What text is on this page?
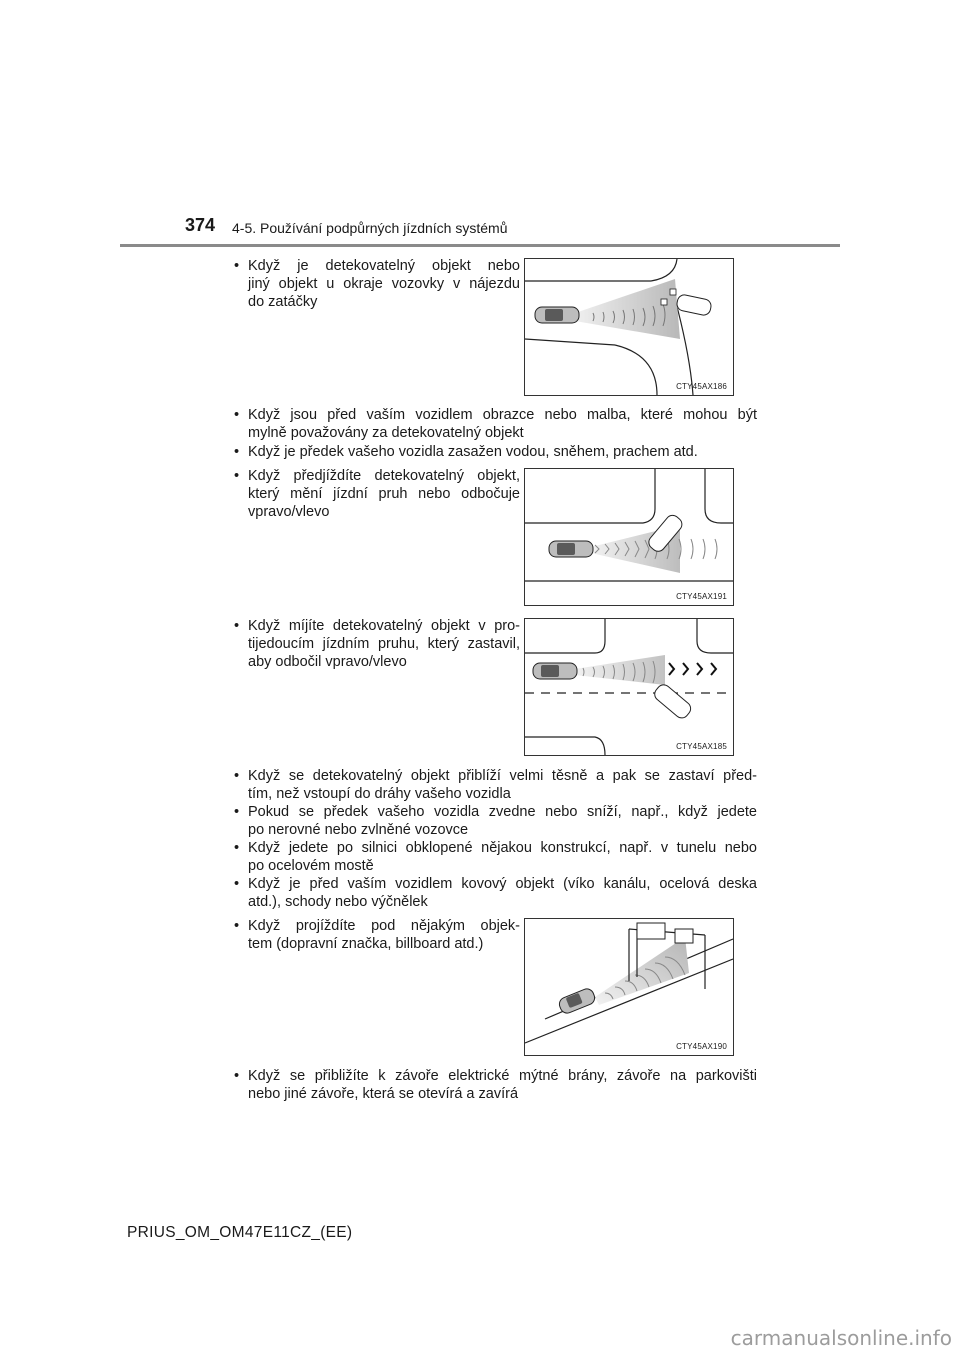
374 4-5. Používání podpůrných jízdních systémů
• Když je detekovatelný objekt nebo
jiný objekt u okraje vozovky v nájezdu
do zatáčky
CTY45AX186
• Když jsou před vaším vozidlem obrazce nebo malba, které mohou být
mylně považovány za detekovatelný objekt
• Když je předek vašeho vozidla zasažen vodou, sněhem, prachem atd.
• Když předjíždíte detekovatelný objekt,
který mění jízdní pruh nebo odbočuje
vpravo/vlevo
CTY45AX191
• Když míjíte detekovatelný objekt v pro-
tijedoucím jízdním pruhu, který zastavil,
aby odbočil vpravo/vlevo
CTY45AX185
• Když se detekovatelný objekt přiblíží velmi těsně a pak se zastaví před-
tím, než vstoupí do dráhy vašeho vozidla
• Pokud se předek vašeho vozidla zvedne nebo sníží, např., když jedete
po nerovné nebo zvlněné vozovce
• Když jedete po silnici obklopené nějakou konstrukcí, např. v tunelu nebo
po ocelovém mostě
• Když je před vaším vozidlem kovový objekt (víko kanálu, ocelová deska
atd.), schody nebo výčnělek
• Když projíždíte pod nějakým objek-
tem (dopravní značka, billboard atd.)
CTY45AX190
• Když se přibližíte k závoře elektrické mýtné brány, závoře na parkovišti
nebo jiné závoře, která se otevírá a zavírá
PRIUS_OM_OM47E11CZ_(EE)
carmanualsonline.info
